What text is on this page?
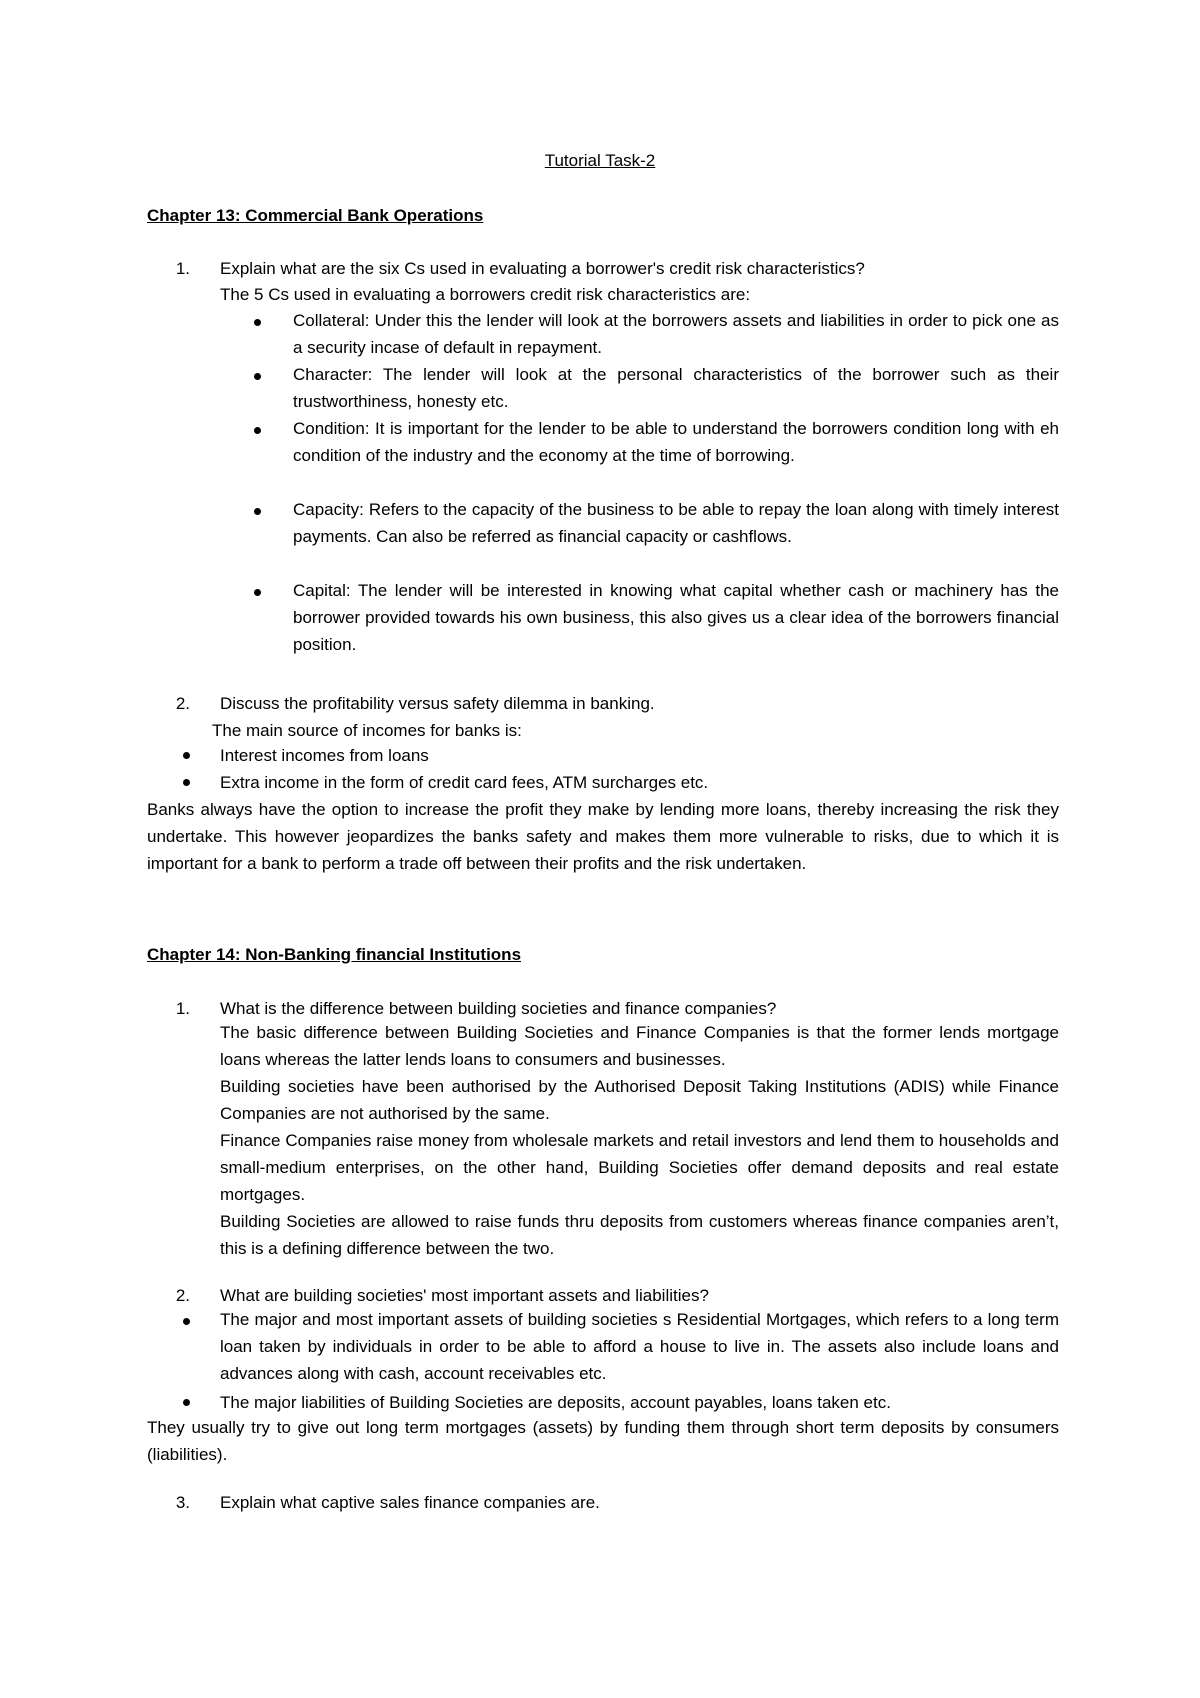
Tutorial Task-2
Chapter 13: Commercial Bank Operations
1. Explain what are the six Cs used in evaluating a borrower's credit risk characteristics?
The 5 Cs used in evaluating a borrowers credit risk characteristics are:
Collateral: Under this the lender will look at the borrowers assets and liabilities in order to pick one as a security incase of default in repayment.
Character: The lender will look at the personal characteristics of the borrower such as their trustworthiness, honesty etc.
Condition: It is important for the lender to be able to understand the borrowers condition long with eh condition of the industry and the economy at the time of borrowing.
Capacity: Refers to the capacity of the business to be able to repay the loan along with timely interest payments. Can also be referred as financial capacity or cashflows.
Capital: The lender will be interested in knowing what capital whether cash or machinery has the borrower provided towards his own business, this also gives us a clear idea of the borrowers financial position.
2. Discuss the profitability versus safety dilemma in banking.
The main source of incomes for banks is:
Interest incomes from loans
Extra income in the form of credit card fees, ATM surcharges etc.
Banks always have the option to increase the profit they make by lending more loans, thereby increasing the risk they undertake. This however jeopardizes the banks safety and makes them more vulnerable to risks, due to which it is important for a bank to perform a trade off between their profits and the risk undertaken.
Chapter 14: Non-Banking financial Institutions
1. What is the difference between building societies and finance companies?
The basic difference between Building Societies and Finance Companies is that the former lends mortgage loans whereas the latter lends loans to consumers and businesses.
Building societies have been authorised by the Authorised Deposit Taking Institutions (ADIS) while Finance Companies are not authorised by the same.
Finance Companies raise money from wholesale markets and retail investors and lend them to households and small-medium enterprises, on the other hand, Building Societies offer demand deposits and real estate mortgages.
Building Societies are allowed to raise funds thru deposits from customers whereas finance companies aren’t, this is a defining difference between the two.
2. What are building societies' most important assets and liabilities?
The major and most important assets of building societies s Residential Mortgages, which refers to a long term loan taken by individuals in order to be able to afford a house to live in. The assets also include loans and advances along with cash, account receivables etc.
The major liabilities of Building Societies are deposits, account payables, loans taken etc.
They usually try to give out long term mortgages (assets) by funding them through short term deposits by consumers (liabilities).
3. Explain what captive sales finance companies are.
